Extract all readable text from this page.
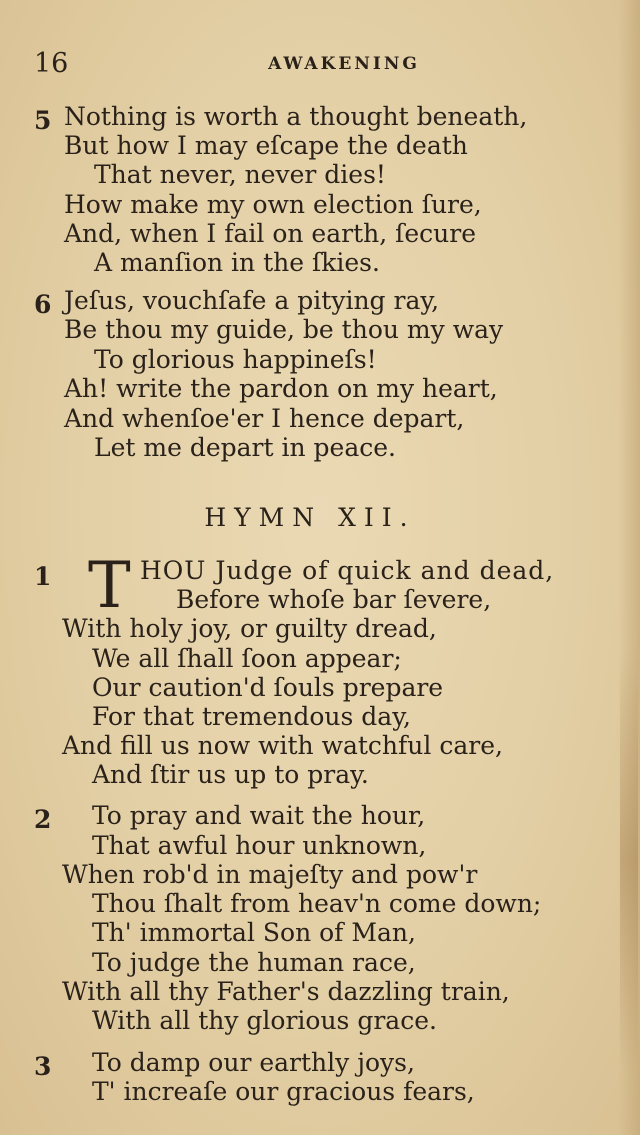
16	AWAKENING
5 Nothing is worth a thought beneath,
But how I may eſcape the death
That never, never dies!
How make my own election ſure,
And, when I fail on earth, ſecure
A manſion in the ſkies.
6 Jeſus, vouchſafe a pitying ray,
Be thou my guide, be thou my way
To glorious happineſs!
Ah! write the pardon on my heart,
And whenſoe'er I hence depart,
Let me depart in peace.
HYMN XII.
1 T HOU Judge of quick and dead,
Before whoſe bar ſevere,
With holy joy, or guilty dread,
We all ſhall ſoon appear;
Our caution'd ſouls prepare
For that tremendous day,
And fill us now with watchful care,
And ſtir us up to pray.
2 To pray and wait the hour,
That awful hour unknown,
When rob'd in majeſty and pow'r
Thou ſhalt from heav'n come down;
Th' immortal Son of Man,
To judge the human race,
With all thy Father's dazzling train,
With all thy glorious grace.
3 To damp our earthly joys,
T' increaſe our gracious fears,
